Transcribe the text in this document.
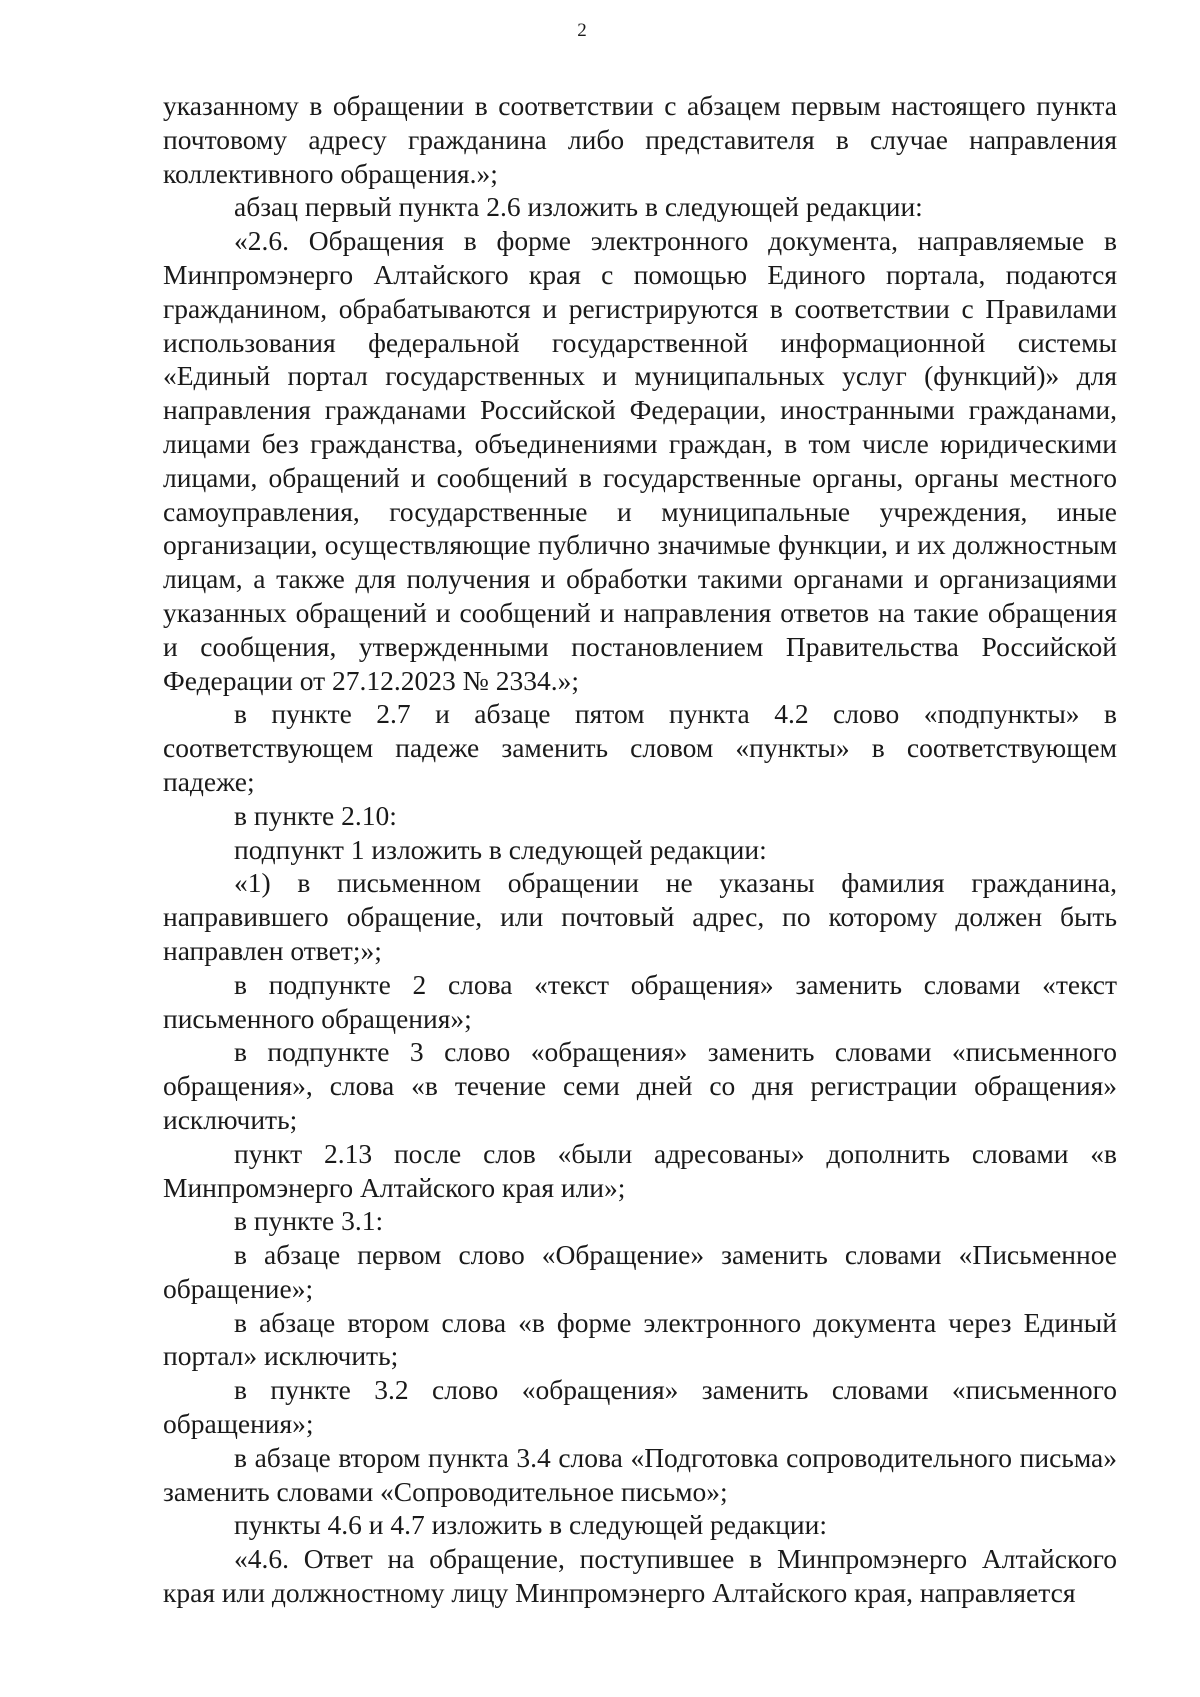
2

указанному в обращении в соответствии с абзацем первым настоящего пункта почтовому адресу гражданина либо представителя в случае направления коллективного обращения.»;

абзац первый пункта 2.6 изложить в следующей редакции:

«2.6. Обращения в форме электронного документа, направляемые в Минпромэнерго Алтайского края с помощью Единого портала, подаются гражданином, обрабатываются и регистрируются в соответствии с Правилами использования федеральной государственной информационной системы «Единый портал государственных и муниципальных услуг (функций)» для направления гражданами Российской Федерации, иностранными гражданами, лицами без гражданства, объединениями граждан, в том числе юридическими лицами, обращений и сообщений в государственные органы, органы местного самоуправления, государственные и муниципальные учреждения, иные организации, осуществляющие публично значимые функции, и их должностным лицам, а также для получения и обработки такими органами и организациями указанных обращений и сообщений и направления ответов на такие обращения и сообщения, утвержденными постановлением Правительства Российской Федерации от 27.12.2023 № 2334.»;

в пункте 2.7 и абзаце пятом пункта 4.2 слово «подпункты» в соответствующем падеже заменить словом «пункты» в соответствующем падеже;

в пункте 2.10:

подпункт 1 изложить в следующей редакции:

«1) в письменном обращении не указаны фамилия гражданина, направившего обращение, или почтовый адрес, по которому должен быть направлен ответ;»;

в подпункте 2 слова «текст обращения» заменить словами «текст письменного обращения»;

в подпункте 3 слово «обращения» заменить словами «письменного обращения», слова «в течение семи дней со дня регистрации обращения» исключить;

пункт 2.13 после слов «были адресованы» дополнить словами «в Минпромэнерго Алтайского края или»;

в пункте 3.1:

в абзаце первом слово «Обращение» заменить словами «Письменное обращение»;

в абзаце втором слова «в форме электронного документа через Единый портал» исключить;

в пункте 3.2 слово «обращения» заменить словами «письменного обращения»;

в абзаце втором пункта 3.4 слова «Подготовка сопроводительного письма» заменить словами «Сопроводительное письмо»;

пункты 4.6 и 4.7 изложить в следующей редакции:

«4.6. Ответ на обращение, поступившее в Минпромэнерго Алтайского края или должностному лицу Минпромэнерго Алтайского края, направляется
